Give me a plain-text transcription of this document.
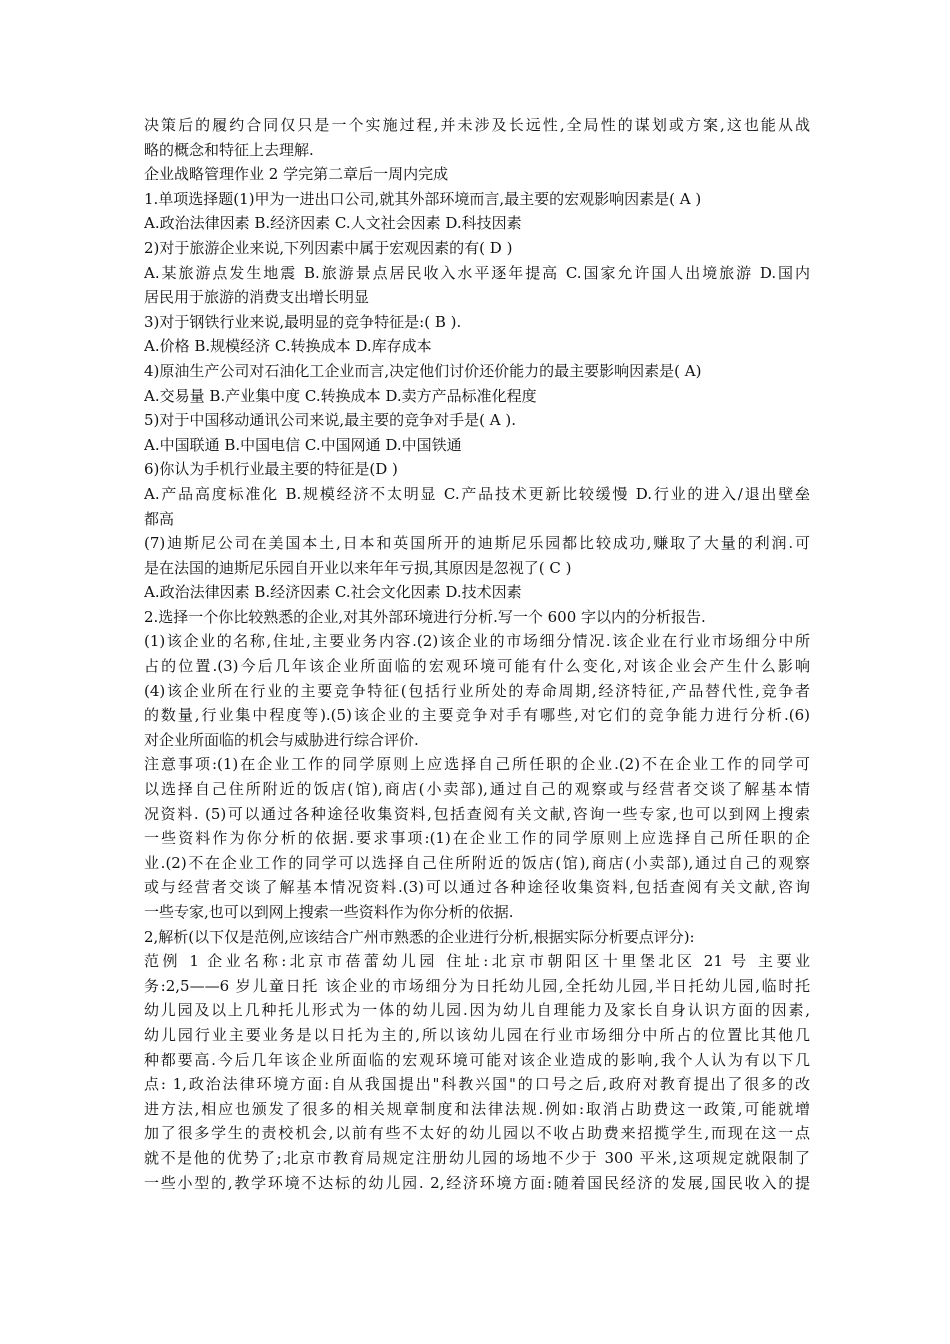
决策后的履约合同仅只是一个实施过程,并未涉及长远性,全局性的谋划或方案,这也能从战
略的概念和特征上去理解.
企业战略管理作业 2 学完第二章后一周内完成
1.单项选择题(1)甲为一进出口公司,就其外部环境而言,最主要的宏观影响因素是( A )
A.政治法律因素 B.经济因素 C.人文社会因素 D.科技因素
2)对于旅游企业来说,下列因素中属于宏观因素的有( D )
A.某旅游点发生地震 B.旅游景点居民收入水平逐年提高 C.国家允许国人出境旅游 D.国内
居民用于旅游的消费支出增长明显
3)对于钢铁行业来说,最明显的竞争特征是:( B ).
A.价格 B.规模经济 C.转换成本 D.库存成本
4)原油生产公司对石油化工企业而言,决定他们讨价还价能力的最主要影响因素是( A)
A.交易量 B.产业集中度 C.转换成本 D.卖方产品标准化程度
5)对于中国移动通讯公司来说,最主要的竞争对手是( A ).
A.中国联通 B.中国电信 C.中国网通 D.中国铁通
6)你认为手机行业最主要的特征是(D )
A.产品高度标准化 B.规模经济不太明显 C.产品技术更新比较缓慢 D.行业的进入/退出壁垒
都高
(7)迪斯尼公司在美国本土,日本和英国所开的迪斯尼乐园都比较成功,赚取了大量的利润.可
是在法国的迪斯尼乐园自开业以来年年亏损,其原因是忽视了( C )
A.政治法律因素 B.经济因素 C.社会文化因素 D.技术因素
2.选择一个你比较熟悉的企业,对其外部环境进行分析.写一个 600 字以内的分析报告.
(1)该企业的名称,住址,主要业务内容.(2)该企业的市场细分情况.该企业在行业市场细分中所
占的位置.(3)今后几年该企业所面临的宏观环境可能有什么变化,对该企业会产生什么影响
(4)该企业所在行业的主要竞争特征(包括行业所处的寿命周期,经济特征,产品替代性,竞争者
的数量,行业集中程度等).(5)该企业的主要竞争对手有哪些,对它们的竞争能力进行分析.(6)
对企业所面临的机会与威胁进行综合评价.
注意事项:(1)在企业工作的同学原则上应选择自己所任职的企业.(2)不在企业工作的同学可
以选择自己住所附近的饭店(馆),商店(小卖部),通过自己的观察或与经营者交谈了解基本情
况资料. (5)可以通过各种途径收集资料,包括查阅有关文献,咨询一些专家,也可以到网上搜索
一些资料作为你分析的依据.要求事项:(1)在企业工作的同学原则上应选择自己所任职的企
业.(2)不在企业工作的同学可以选择自己住所附近的饭店(馆),商店(小卖部),通过自己的观察
或与经营者交谈了解基本情况资料.(3)可以通过各种途径收集资料,包括查阅有关文献,咨询
一些专家,也可以到网上搜索一些资料作为你分析的依据.
2,解析(以下仅是范例,应该结合广州市熟悉的企业进行分析,根据实际分析要点评分):
范例 1 企业名称:北京市蓓蕾幼儿园 住址:北京市朝阳区十里堡北区 21 号 主要业
务:2,5——6 岁儿童日托 该企业的市场细分为日托幼儿园,全托幼儿园,半日托幼儿园,临时托
幼儿园及以上几种托儿形式为一体的幼儿园.因为幼儿自理能力及家长自身认识方面的因素,
幼儿园行业主要业务是以日托为主的,所以该幼儿园在行业市场细分中所占的位置比其他几
种都要高.今后几年该企业所面临的宏观环境可能对该企业造成的影响,我个人认为有以下几
点: 1,政治法律环境方面:自从我国提出"科教兴国"的口号之后,政府对教育提出了很多的改
进方法,相应也颁发了很多的相关规章制度和法律法规.例如:取消占助费这一政策,可能就增
加了很多学生的责校机会,以前有些不太好的幼儿园以不收占助费来招揽学生,而现在这一点
就不是他的优势了;北京市教育局规定注册幼儿园的场地不少于 300 平米,这项规定就限制了
一些小型的,教学环境不达标的幼儿园. 2,经济环境方面:随着国民经济的发展,国民收入的提
